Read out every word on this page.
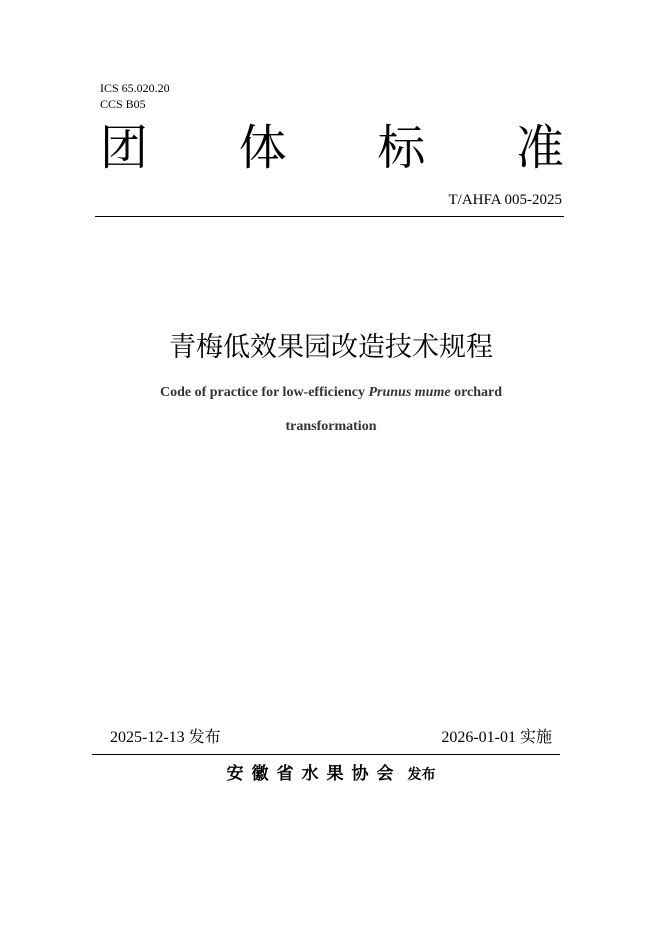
ICS 65.020.20
CCS B05
团 体 标 准
T/AHFA 005-2025
青梅低效果园改造技术规程
Code of practice for low-efficiency Prunus mume orchard
transformation
2025-12-13 发布	2026-01-01 实施
安徽省水果协会 发布
